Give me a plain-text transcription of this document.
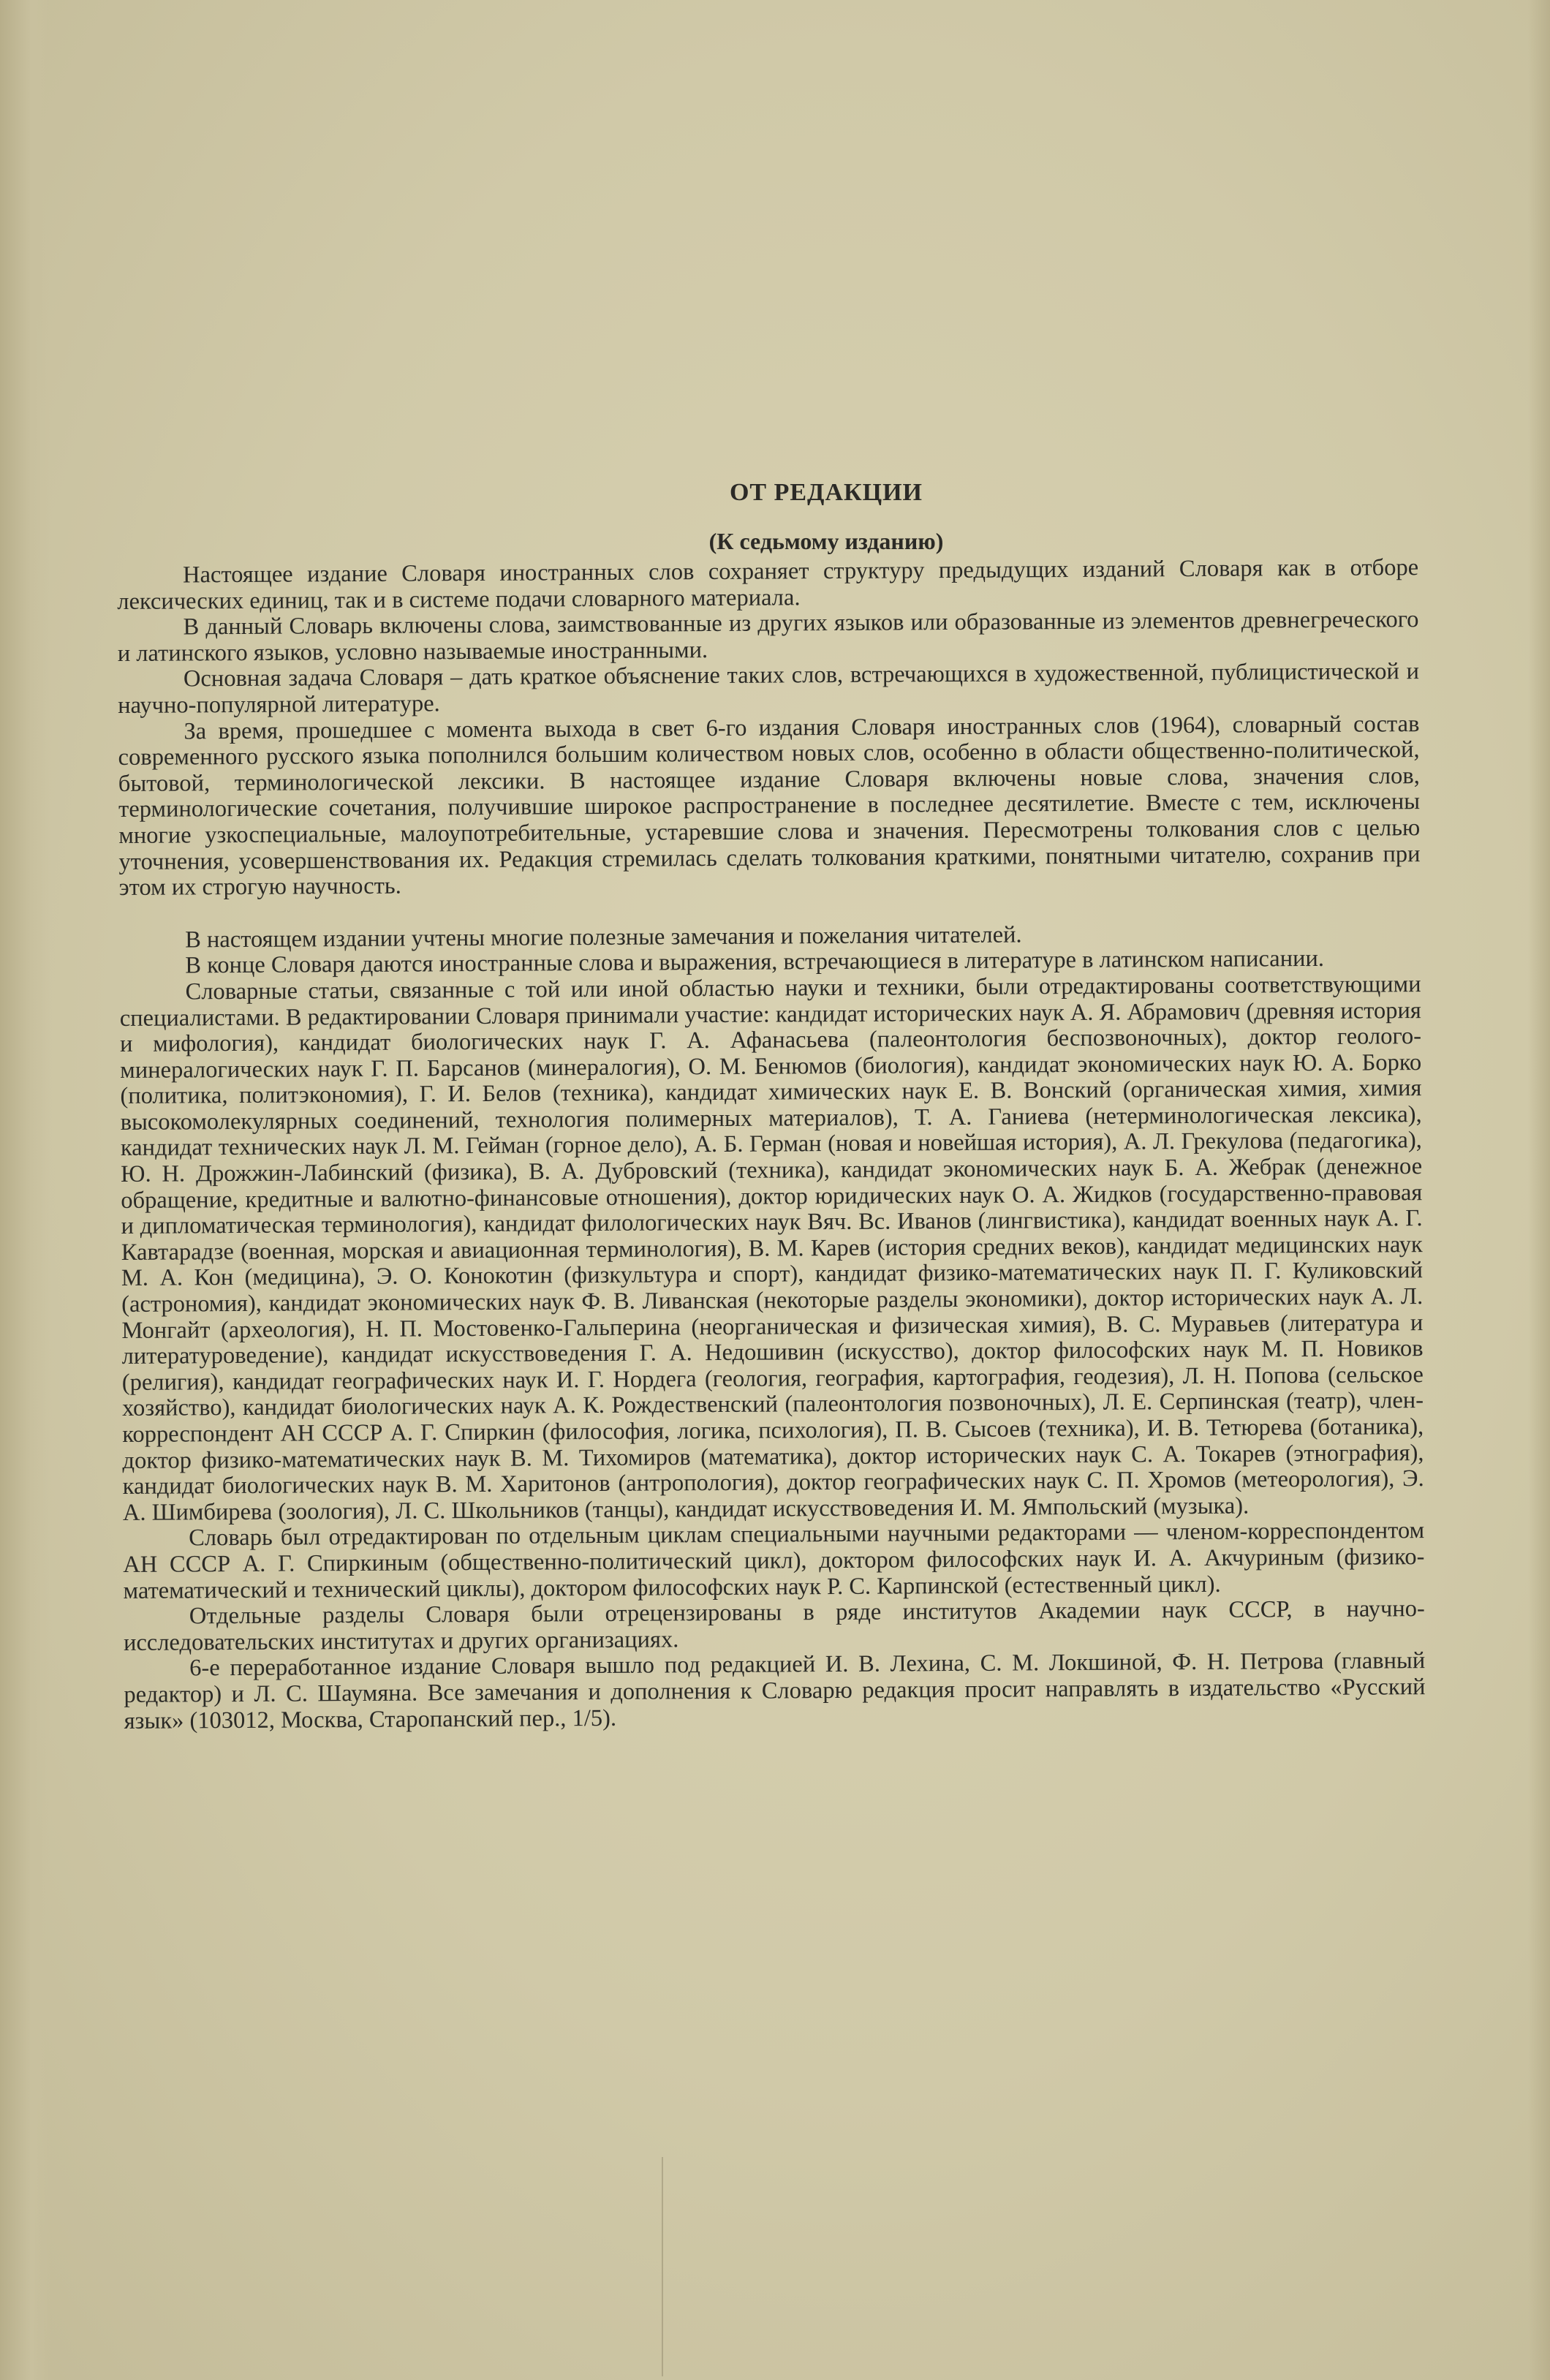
ОТ РЕДАКЦИИ
(К седьмому изданию)

Настоящее издание Словаря иностранных слов сохраняет структуру предыдущих изданий Словаря как в отборе лексических единиц, так и в системе подачи словарного материала.

В данный Словарь включены слова, заимствованные из других языков или образованные из элементов древнегреческого и латинского языков, условно называемые иностранными.

Основная задача Словаря – дать краткое объяснение таких слов, встречающихся в художественной, публицистической и научно-популярной литературе.

За время, прошедшее с момента выхода в свет 6-го издания Словаря иностранных слов (1964), словарный состав современного русского языка пополнился большим количеством новых слов, особенно в области общественно-политической, бытовой, терминологической лексики. В настоящее издание Словаря включены новые слова, значения слов, терминологические сочетания, получившие широкое распространение в последнее десятилетие. Вместе с тем, исключены многие узкоспециальные, малоупотребительные, устаревшие слова и значения. Пересмотрены толкования слов с целью уточнения, усовершенствования их. Редакция стремилась сделать толкования краткими, понятными читателю, сохранив при этом их строгую научность.

В настоящем издании учтены многие полезные замечания и пожелания читателей.

В конце Словаря даются иностранные слова и выражения, встречающиеся в литературе в латинском написании.

Словарные статьи, связанные с той или иной областью науки и техники, были отредактированы соответствующими специалистами. В редактировании Словаря принимали участие: кандидат исторических наук А. Я. Абрамович (древняя история и мифология), кандидат биологических наук Г. А. Афанасьева (палеонтология беспозвоночных), доктор геолого-минералогических наук Г. П. Барсанов (минералогия), О. М. Бенюмов (биология), кандидат экономических наук Ю. А. Борко (политика, политэкономия), Г. И. Белов (техника), кандидат химических наук Е. В. Вонский (органическая химия, химия высокомолекулярных соединений, технология полимерных материалов), Т. А. Ганиева (нетерминологическая лексика), кандидат технических наук Л. М. Гейман (горное дело), А. Б. Герман (новая и новейшая история), А. Л. Грекулова (педагогика), Ю. Н. Дрожжин-Лабинский (физика), В. А. Дубровский (техника), кандидат экономических наук Б. А. Жебрак (денежное обращение, кредитные и валютно-финансовые отношения), доктор юридических наук О. А. Жидков (государственно-правовая и дипломатическая терминология), кандидат филологических наук Вяч. Вс. Иванов (лингвистика), кандидат военных наук А. Г. Кавтарадзе (военная, морская и авиационная терминология), В. М. Карев (история средних веков), кандидат медицинских наук М. А. Кон (медицина), Э. О. Конокотин (физкультура и спорт), кандидат физико-математических наук П. Г. Куликовский (астрономия), кандидат экономических наук Ф. В. Ливанская (некоторые разделы экономики), доктор исторических наук А. Л. Монгайт (археология), Н. П. Мостовенко-Гальперина (неорганическая и физическая химия), В. С. Муравьев (литература и литературоведение), кандидат искусствоведения Г. А. Недошивин (искусство), доктор философских наук М. П. Новиков (религия), кандидат географических наук И. Г. Нордега (геология, география, картография, геодезия), Л. Н. Попова (сельское хозяйство), кандидат биологических наук А. К. Рождественский (палеонтология позвоночных), Л. Е. Серпинская (театр), член-корреспондент АН СССР А. Г. Спиркин (философия, логика, психология), П. В. Сысоев (техника), И. В. Тетюрева (ботаника), доктор физико-математических наук В. М. Тихомиров (математика), доктор исторических наук С. А. Токарев (этнография), кандидат биологических наук В. М. Харитонов (антропология), доктор географических наук С. П. Хромов (метеорология), Э. А. Шимбирева (зоология), Л. С. Школьников (танцы), кандидат искусствоведения И. М. Ямпольский (музыка).

Словарь был отредактирован по отдельным циклам специальными научными редакторами — членом-корреспондентом АН СССР А. Г. Спиркиным (общественно-политический цикл), доктором философских наук И. А. Акчуриным (физико-математический и технический циклы), доктором философских наук Р. С. Карпинской (естественный цикл).

Отдельные разделы Словаря были отрецензированы в ряде институтов Академии наук СССР, в научно-исследовательских институтах и других организациях.

6-е переработанное издание Словаря вышло под редакцией И. В. Лехина, С. М. Локшиной, Ф. Н. Петрова (главный редактор) и Л. С. Шаумяна. Все замечания и дополнения к Словарю редакция просит направлять в издательство «Русский язык» (103012, Москва, Старопанский пер., 1/5).
